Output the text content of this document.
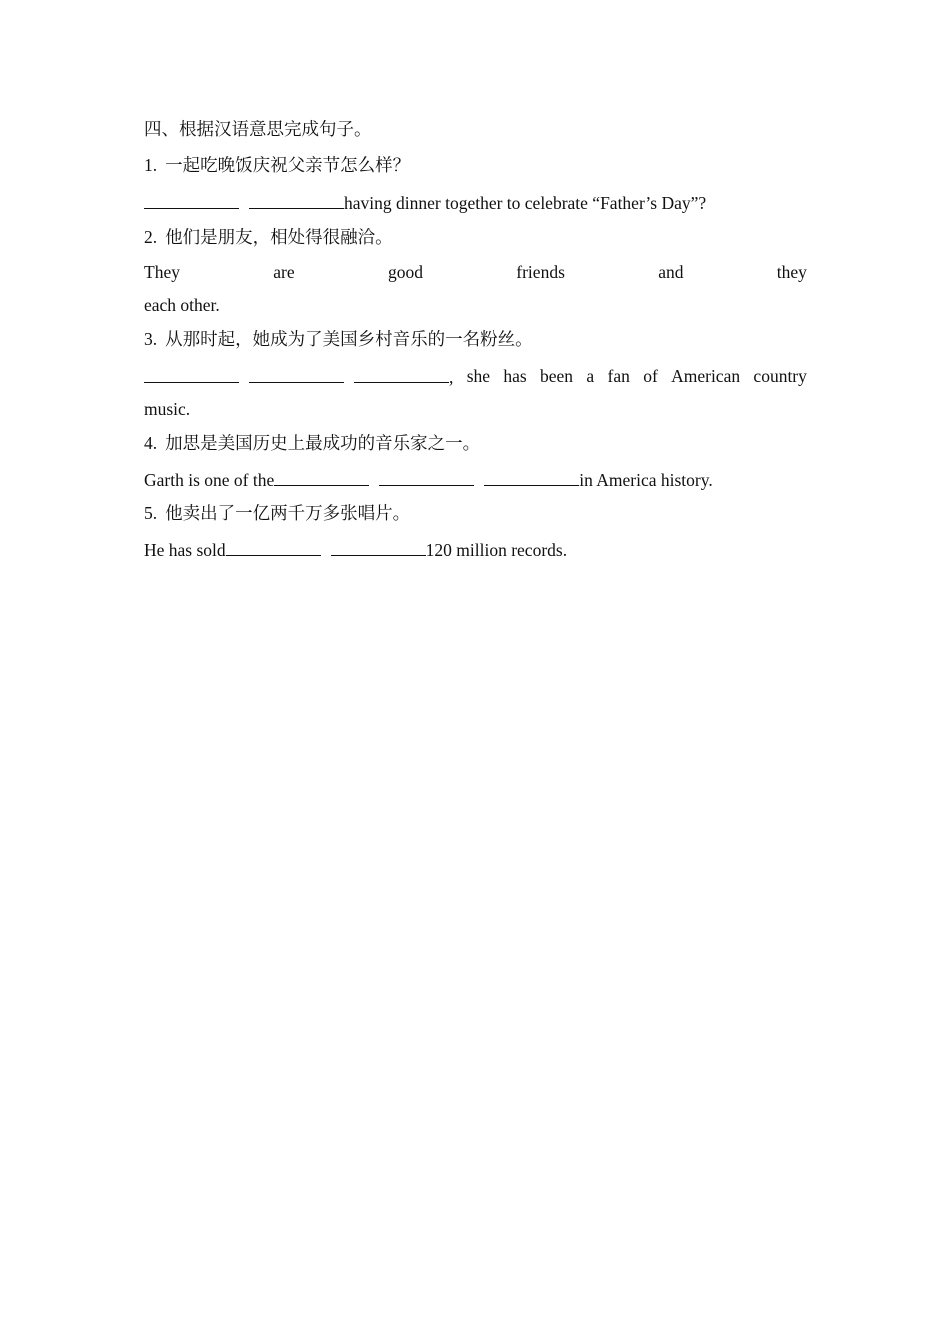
四、根据汉语意思完成句子。
1. 一起吃晚饭庆祝父亲节怎么样？
having dinner together to celebrate “Father’s Day”?
2. 他们是朋友，相处得很融洽。
They	are	good	friends	and	they
each other.
3. 从那时起，她成为了美国乡村音乐的一名粉丝。
, she has been a fan of American country
music.
4. 加思是美国历史上最成功的音乐家之一。
Garth is one of the	in America history.
5. 他卖出了一亿两千万多张唱片。
He has sold	120 million records.
